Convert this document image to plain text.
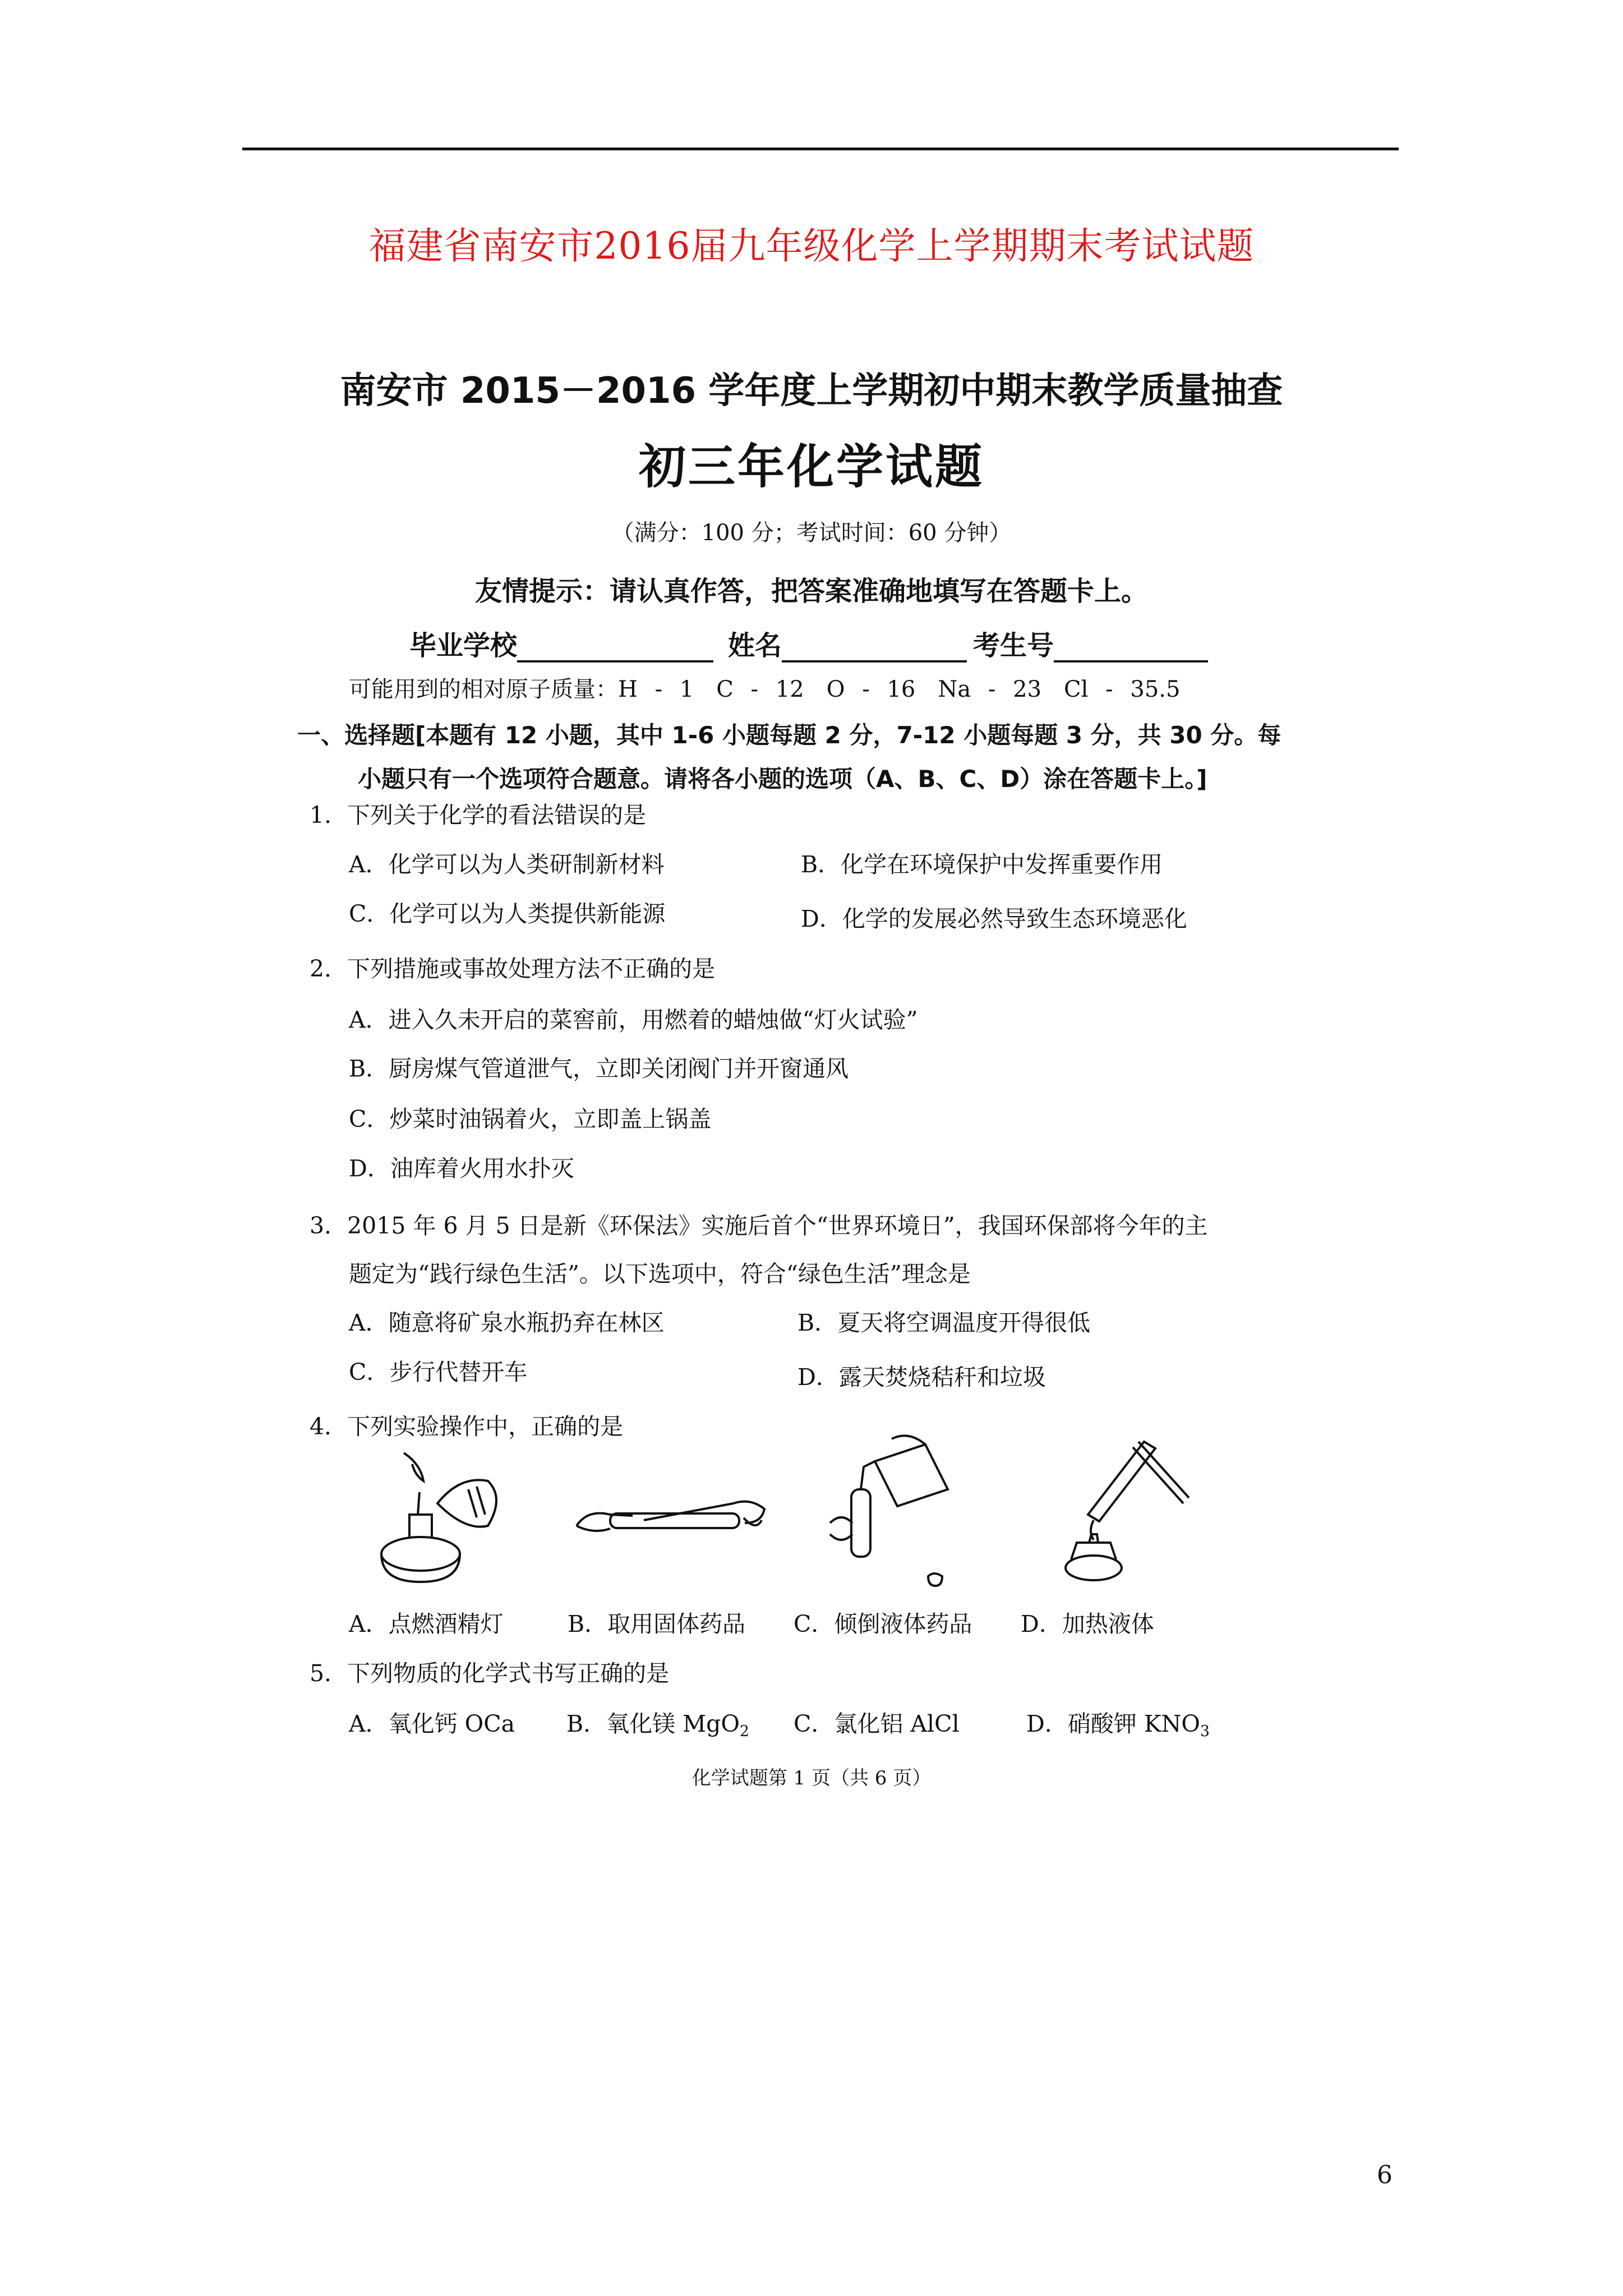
福建省南安市2016届九年级化学上学期期末考试试题
南安市 2015－2016 学年度上学期初中期末教学质量抽查
初三年化学试题
（满分：100 分；考试时间：60 分钟）
友情提示：请认真作答，把答案准确地填写在答题卡上。
毕业学校	姓名	考生号
可能用到的相对原子质量：H - 1　C - 12　O - 16　Na - 23　Cl - 35.5
一、选择题[本题有 12 小题，其中 1-6 小题每题 2 分，7-12 小题每题 3 分，共 30 分。每
小题只有一个选项符合题意。请将各小题的选项（A、B、C、D）涂在答题卡上。]
1．下列关于化学的看法错误的是
A．化学可以为人类研制新材料	B．化学在环境保护中发挥重要作用
C．化学可以为人类提供新能源	D．化学的发展必然导致生态环境恶化
2．下列措施或事故处理方法不正确的是
A．进入久未开启的菜窖前，用燃着的蜡烛做“灯火试验”
B．厨房煤气管道泄气，立即关闭阀门并开窗通风
C．炒菜时油锅着火，立即盖上锅盖
D．油库着火用水扑灭
3．2015 年 6 月 5 日是新《环保法》实施后首个“世界环境日”，我国环保部将今年的主
题定为“践行绿色生活”。以下选项中，符合“绿色生活”理念是
A．随意将矿泉水瓶扔弃在林区	B．夏天将空调温度开得很低
C．步行代替开车	D．露天焚烧秸秆和垃圾
4．下列实验操作中，正确的是
A．点燃酒精灯	B．取用固体药品 C．倾倒液体药品 D．加热液体
5．下列物质的化学式书写正确的是
A．氧化钙 OCa B．氧化镁 MgO$_2$ C．氯化铝 AlCl	D．硝酸钾 $KNO_3$
化学试题第 1 页（共 6 页）
6
